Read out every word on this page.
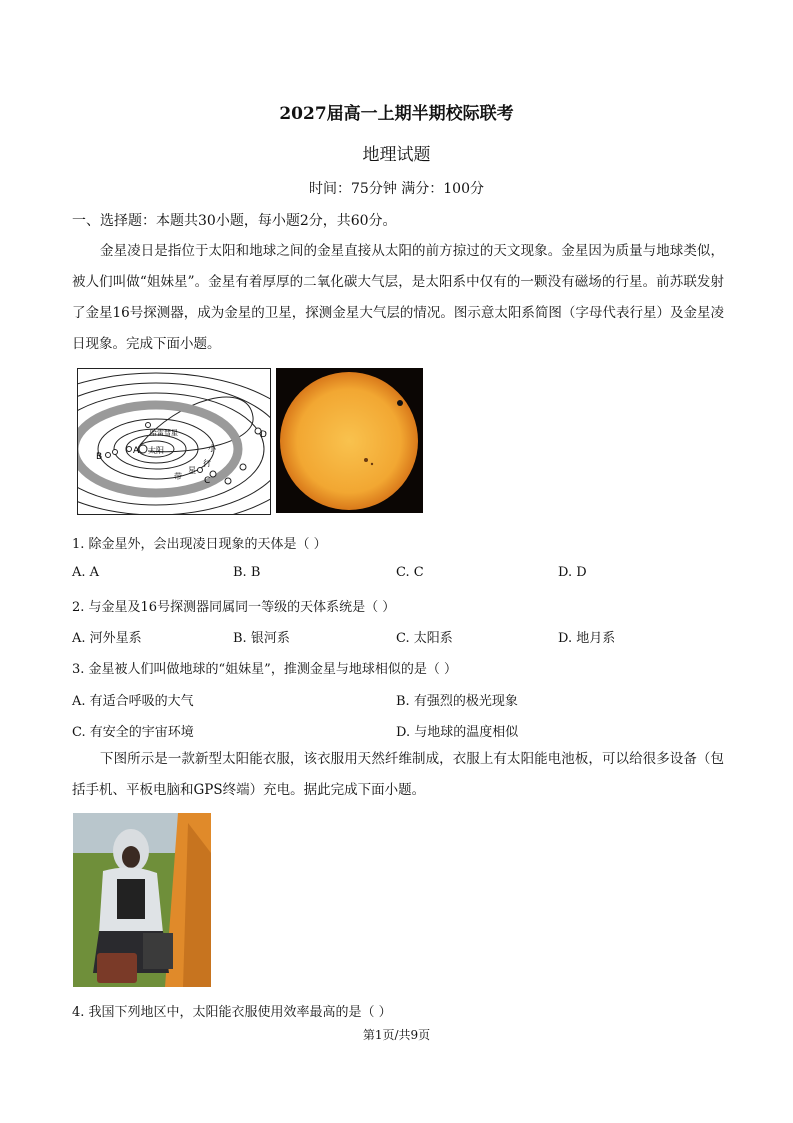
2027届高一上期半期校际联考
地理试题
时间：75分钟 满分：100分
一、选择题：本题共30小题，每小题2分，共60分。
金星凌日是指位于太阳和地球之间的金星直接从太阳的前方掠过的天文现象。金星因为质量与地球类似，被人们叫做“姐妹星”。金星有着厚厚的二氧化碳大气层，是太阳系中仅有的一颗没有磁场的行星。前苏联发射了金星16号探测器，成为金星的卫星，探测金星大气层的情况。图示意太阳系简图（字母代表行星）及金星凌日现象。完成下面小题。
A 太阳
B
哈雷彗星	D
C
小
行
星
带
1. 除金星外，会出现凌日现象的天体是（ ）
A. A	B. B	C. C	D. D
2. 与金星及16号探测器同属同一等级的天体系统是（ ）
A. 河外星系	B. 银河系	C. 太阳系	D. 地月系
3. 金星被人们叫做地球的“姐妹星”，推测金星与地球相似的是（ ）
A. 有适合呼吸的大气	B. 有强烈的极光现象
C. 有安全的宇宙环境	D. 与地球的温度相似
下图所示是一款新型太阳能衣服，该衣服用天然纤维制成，衣服上有太阳能电池板，可以给很多设备（包括手机、平板电脑和GPS终端）充电。据此完成下面小题。
4. 我国下列地区中，太阳能衣服使用效率最高的是（ ）
第1页/共9页
